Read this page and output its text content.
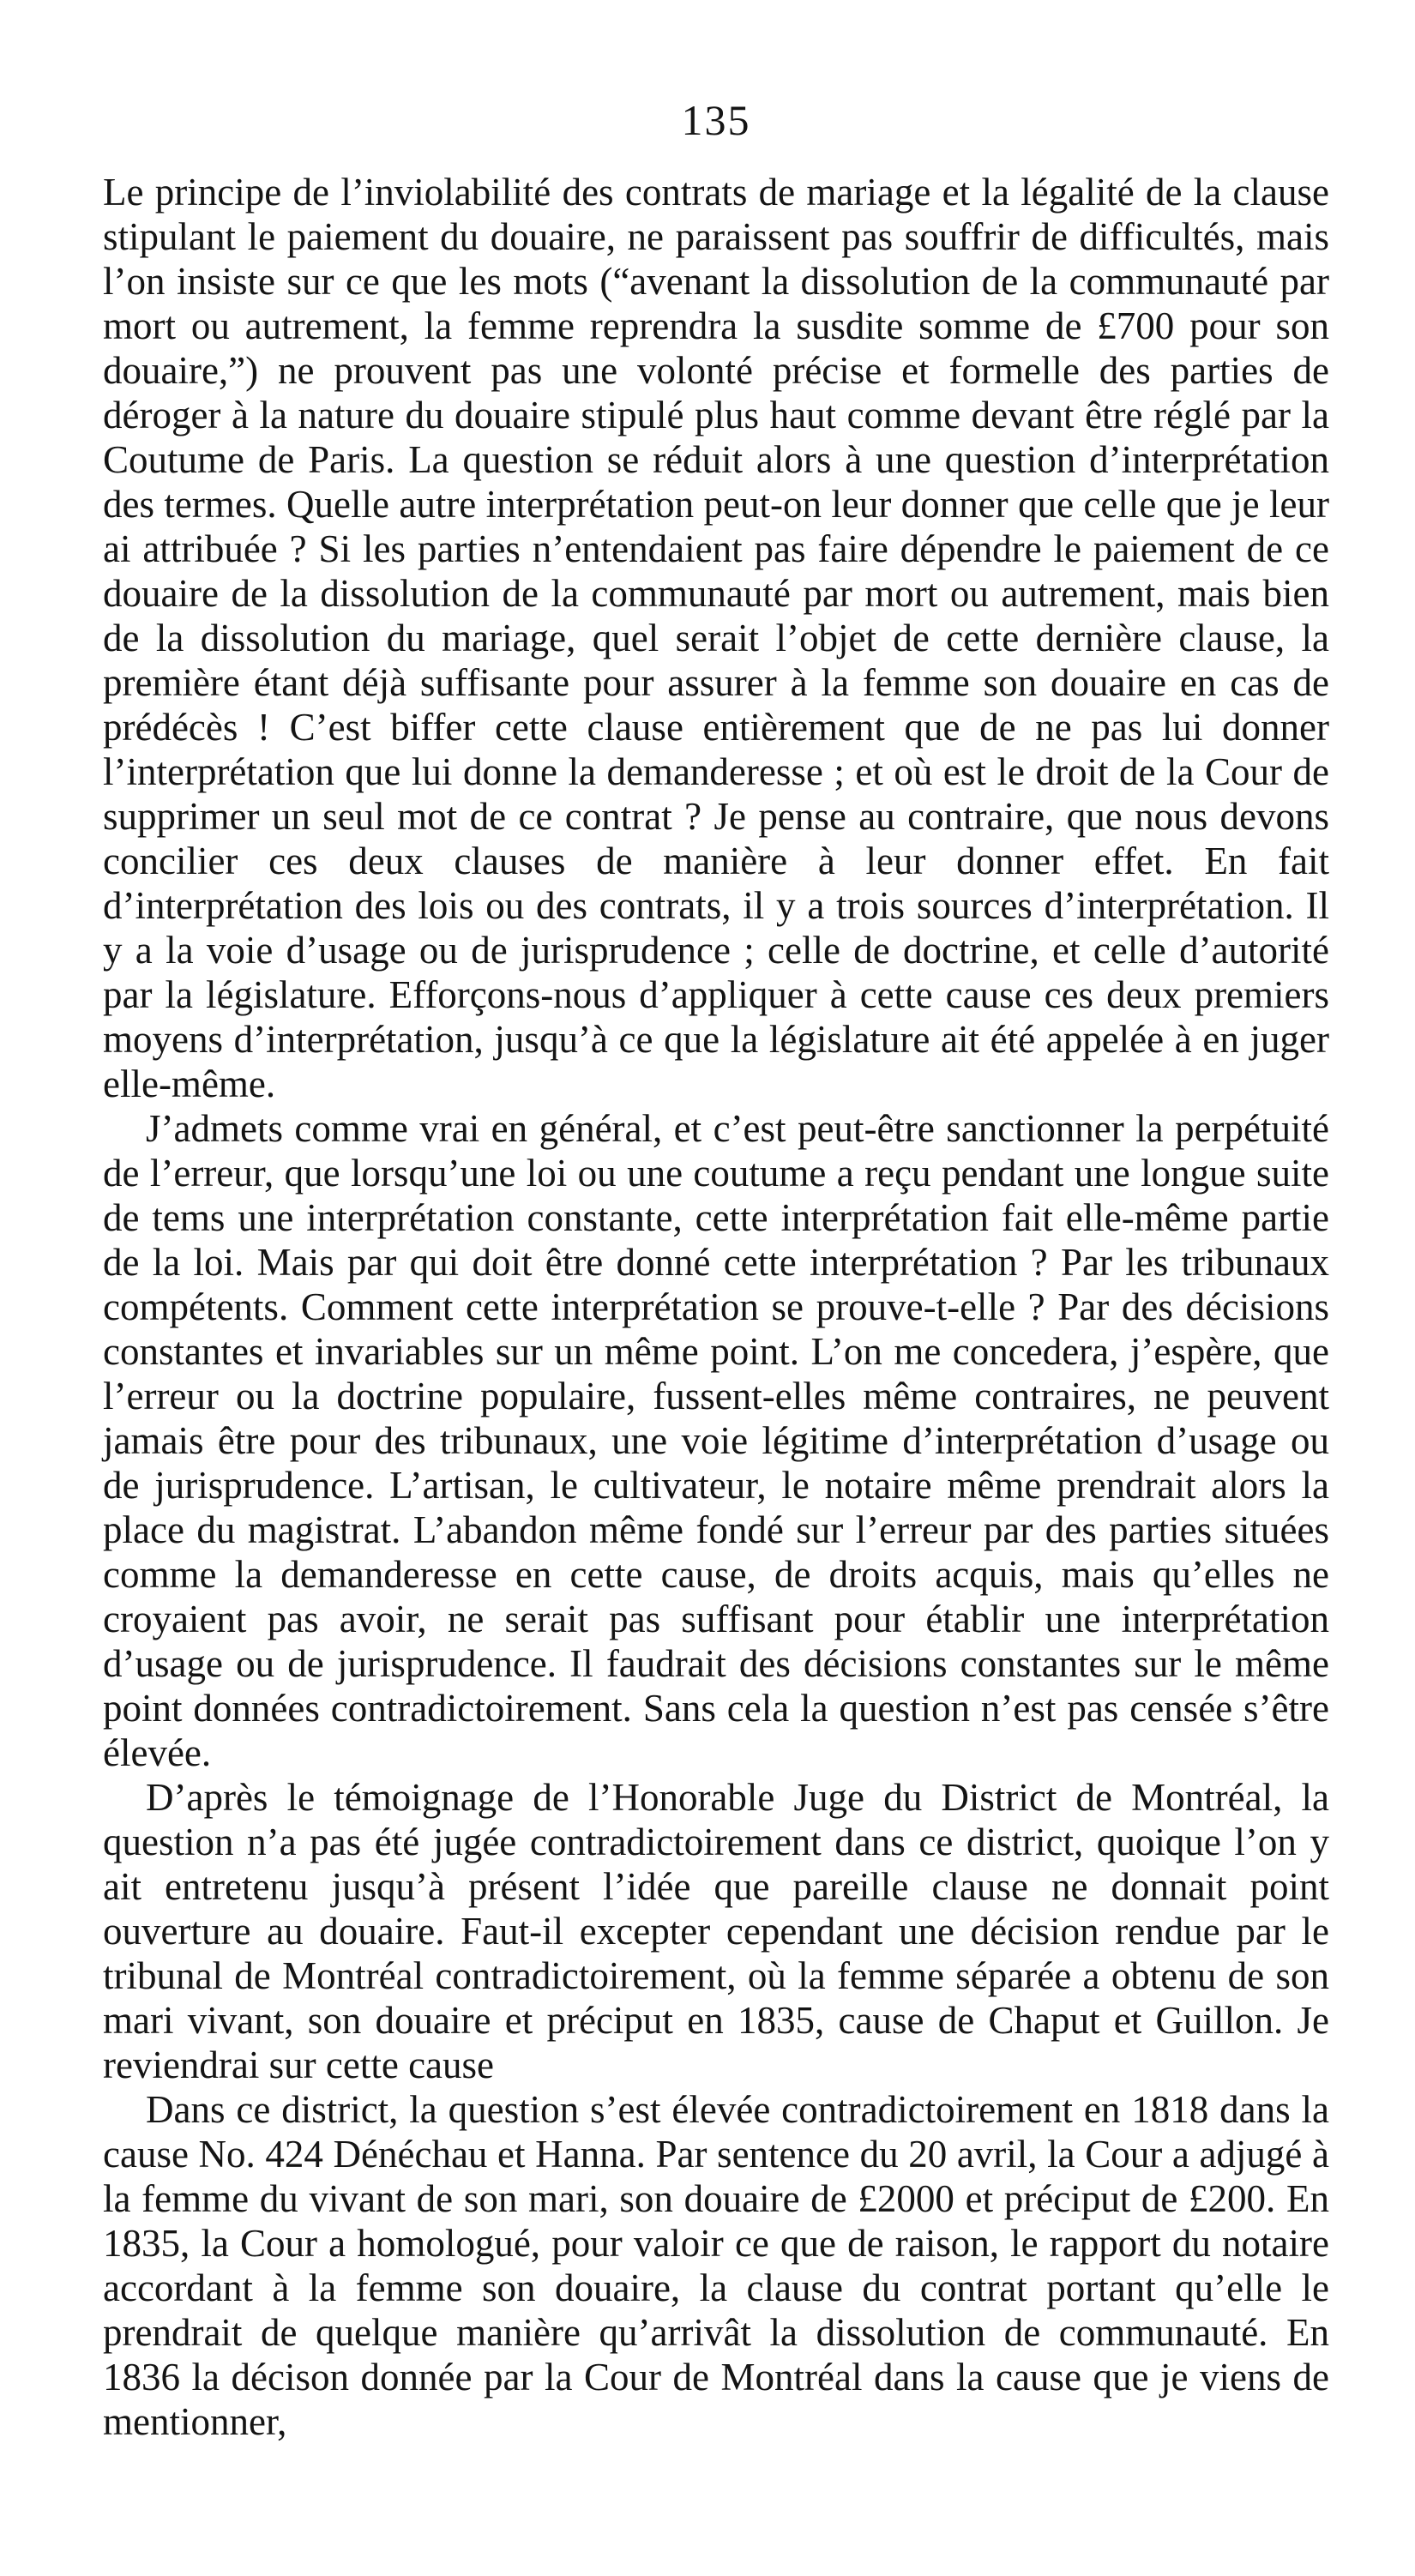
135

Le principe de l’inviolabilité des contrats de mariage et la légalité de la clause stipulant le paiement du douaire, ne paraissent pas souffrir de difficultés, mais l’on insiste sur ce que les mots (“avenant la dissolution de la communauté par mort ou autrement, la femme reprendra la susdite somme de £700 pour son douaire,”) ne prouvent pas une volonté précise et formelle des parties de déroger à la nature du douaire stipulé plus haut comme devant être réglé par la Coutume de Paris. La question se réduit alors à une question d’interprétation des termes. Quelle autre interprétation peut-on leur donner que celle que je leur ai attribuée ? Si les parties n’entendaient pas faire dépendre le paiement de ce douaire de la dissolution de la communauté par mort ou autrement, mais bien de la dissolution du mariage, quel serait l’objet de cette dernière clause, la première étant déjà suffisante pour assurer à la femme son douaire en cas de prédécès ! C’est biffer cette clause entièrement que de ne pas lui donner l’interprétation que lui donne la demanderesse ; et où est le droit de la Cour de supprimer un seul mot de ce contrat ? Je pense au contraire, que nous devons concilier ces deux clauses de manière à leur donner effet. En fait d’interprétation des lois ou des contrats, il y a trois sources d’interprétation. Il y a la voie d’usage ou de jurisprudence ; celle de doctrine, et celle d’autorité par la législature. Efforçons-nous d’appliquer à cette cause ces deux premiers moyens d’interprétation, jusqu’à ce que la législature ait été appelée à en juger elle-même.

J’admets comme vrai en général, et c’est peut-être sanctionner la perpétuité de l’erreur, que lorsqu’une loi ou une coutume a reçu pendant une longue suite de tems une interprétation constante, cette interprétation fait elle-même partie de la loi. Mais par qui doit être donné cette interprétation ? Par les tribunaux compétents. Comment cette interprétation se prouve-t-elle ? Par des décisions constantes et invariables sur un même point. L’on me concedera, j’espère, que l’erreur ou la doctrine populaire, fussent-elles même contraires, ne peuvent jamais être pour des tribunaux, une voie légitime d’interprétation d’usage ou de jurisprudence. L’artisan, le cultivateur, le notaire même prendrait alors la place du magistrat. L’abandon même fondé sur l’erreur par des parties situées comme la demanderesse en cette cause, de droits acquis, mais qu’elles ne croyaient pas avoir, ne serait pas suffisant pour établir une interprétation d’usage ou de jurisprudence. Il faudrait des décisions constantes sur le même point données contradictoirement. Sans cela la question n’est pas censée s’être élevée.

D’après le témoignage de l’Honorable Juge du District de Montréal, la question n’a pas été jugée contradictoirement dans ce district, quoique l’on y ait entretenu jusqu’à présent l’idée que pareille clause ne donnait point ouverture au douaire. Faut-il excepter cependant une décision rendue par le tribunal de Montréal contradictoirement, où la femme séparée a obtenu de son mari vivant, son douaire et préciput en 1835, cause de Chaput et Guillon. Je reviendrai sur cette cause

Dans ce district, la question s’est élevée contradictoirement en 1818 dans la cause No. 424 Dénéchau et Hanna. Par sentence du 20 avril, la Cour a adjugé à la femme du vivant de son mari, son douaire de £2000 et préciput de £200. En 1835, la Cour a homologué, pour valoir ce que de raison, le rapport du notaire accordant à la femme son douaire, la clause du contrat portant qu’elle le prendrait de quelque manière qu’arrivât la dissolution de communauté. En 1836 la décison donnée par la Cour de Montréal dans la cause que je viens de mentionner,
